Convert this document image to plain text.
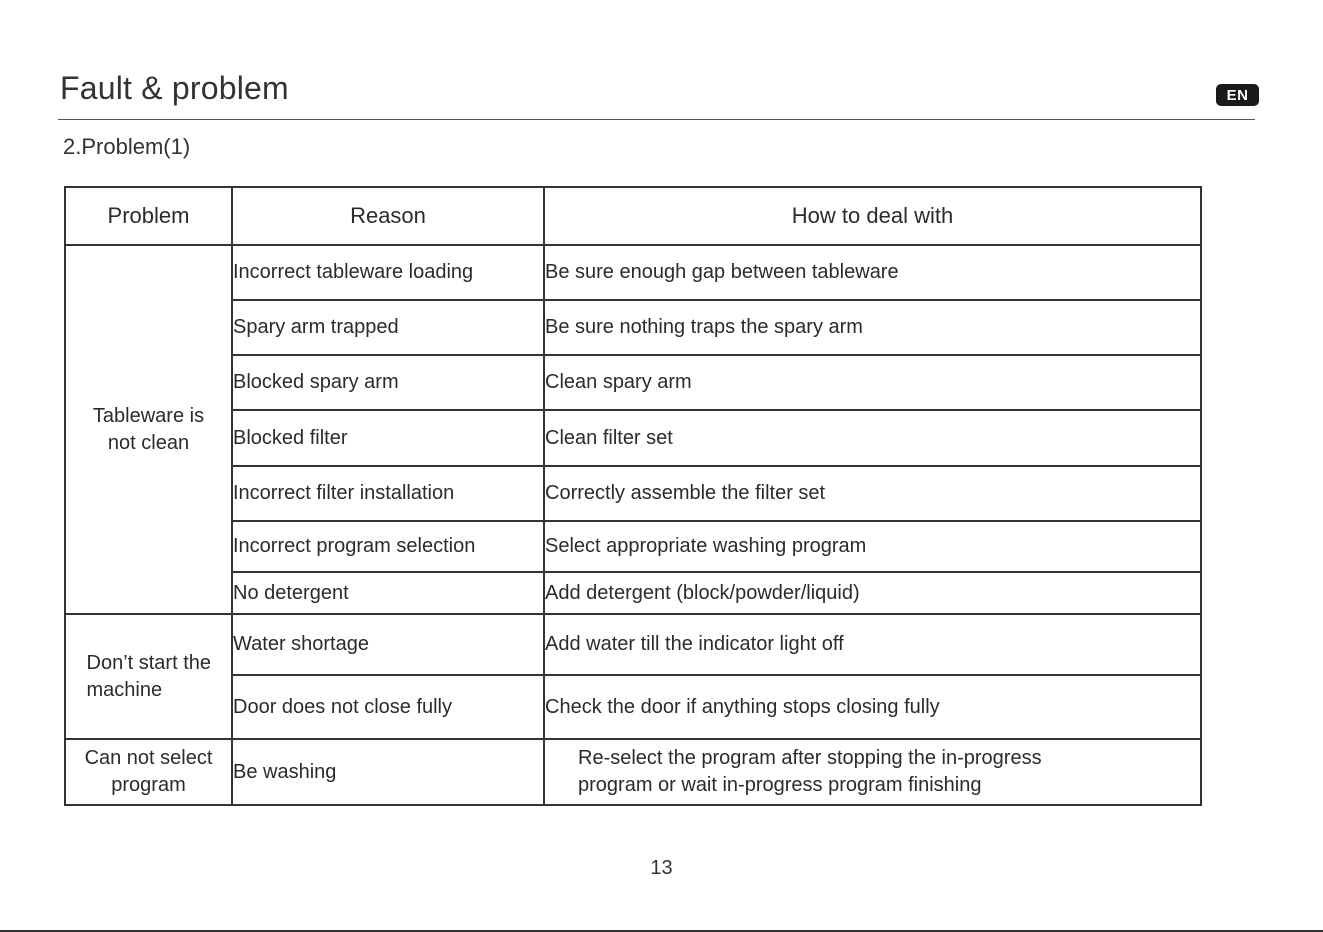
Fault & problem	EN
2.Problem(1)
Problem	Reason	How to deal with

Tableware is not clean	Incorrect tableware loading	Be sure enough gap between tableware
	Spary arm trapped	Be sure nothing traps the spary arm
	Blocked spary arm	Clean spary arm
	Blocked filter	Clean filter set
	Incorrect filter installation	Correctly assemble the filter set
	Incorrect program selection	Select appropriate washing program
	No detergent	Add detergent (block/powder/liquid)

Don’t start the machine	Water shortage	Add water till the indicator light off
	Door does not close fully	Check the door if anything stops closing fully

Can not select program	Be washing	Re-select the program after stopping the in-progress program or wait in-progress program finishing
13
